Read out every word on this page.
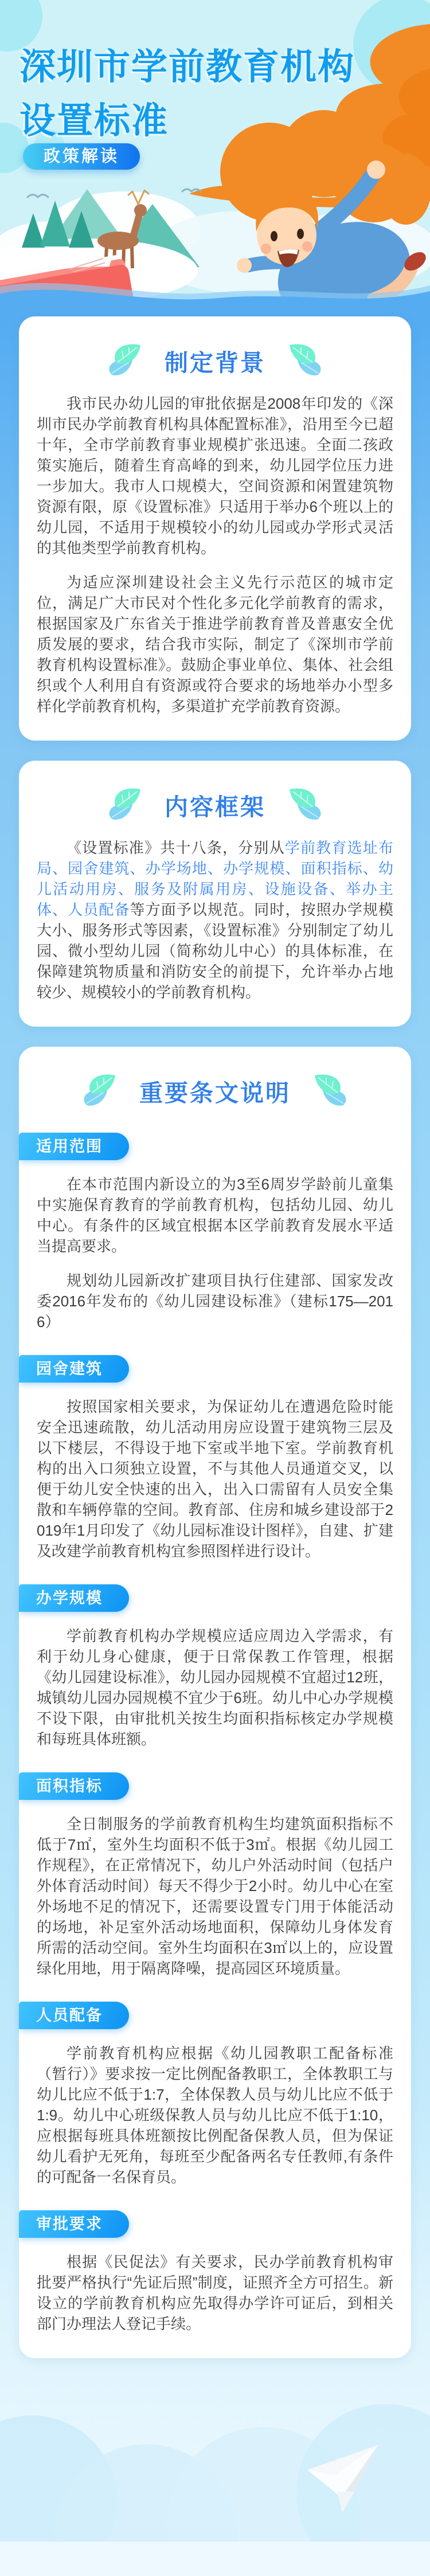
深圳市学前教育机构
设置标准
政策解读
制定背景

我市民办幼儿园的审批依据是2008年印发的《深圳市民办学前教育机构具体配置标准》，沿用至今已超十年，全市学前教育事业规模扩张迅速。全面二孩政策实施后，随着生育高峰的到来，幼儿园学位压力进一步加大。我市人口规模大，空间资源和闲置建筑物资源有限，原《设置标准》只适用于举办6个班以上的幼儿园，不适用于规模较小的幼儿园或办学形式灵活的其他类型学前教育机构。

为适应深圳建设社会主义先行示范区的城市定位，满足广大市民对个性化多元化学前教育的需求，根据国家及广东省关于推进学前教育普及普惠安全优质发展的要求，结合我市实际，制定了《深圳市学前教育机构设置标准》。鼓励企事业单位、集体、社会组织或个人利用自有资源或符合要求的场地举办小型多样化学前教育机构，多渠道扩充学前教育资源。

内容框架

《设置标准》共十八条，分别从学前教育选址布局、园舍建筑、办学场地、办学规模、面积指标、幼儿活动用房、服务及附属用房、设施设备、举办主体、人员配备等方面予以规范。同时，按照办学规模大小、服务形式等因素，《设置标准》分别制定了幼儿园、微小型幼儿园（简称幼儿中心）的具体标准，在保障建筑物质量和消防安全的前提下，允许举办占地较少、规模较小的学前教育机构。

重要条文说明
适用范围

在本市范围内新设立的为3至6周岁学龄前儿童集中实施保育教育的学前教育机构，包括幼儿园、幼儿中心。有条件的区域宜根据本区学前教育发展水平适当提高要求。

规划幼儿园新改扩建项目执行住建部、国家发改委2016年发布的《幼儿园建设标准》（建标175—2016）

园舍建筑

按照国家相关要求，为保证幼儿在遭遇危险时能安全迅速疏散，幼儿活动用房应设置于建筑物三层及以下楼层，不得设于地下室或半地下室。学前教育机构的出入口须独立设置，不与其他人员通道交叉，以便于幼儿安全快速的出入，出入口需留有人员安全集散和车辆停靠的空间。教育部、住房和城乡建设部于2019年1月印发了《幼儿园标准设计图样》，自建、扩建及改建学前教育机构宜参照图样进行设计。

办学规模

学前教育机构办学规模应适应周边入学需求，有利于幼儿身心健康，便于日常保教工作管理，根据《幼儿园建设标准》，幼儿园办园规模不宜超过12班，城镇幼儿园办园规模不宜少于6班。幼儿中心办学规模不设下限，由审批机关按生均面积指标核定办学规模和每班具体班额。

面积指标

全日制服务的学前教育机构生均建筑面积指标不低于7㎡，室外生均面积不低于3㎡。根据《幼儿园工作规程》，在正常情况下，幼儿户外活动时间（包括户外体育活动时间）每天不得少于2小时。幼儿中心在室外场地不足的情况下，还需要设置专门用于体能活动的场地，补足室外活动场地面积，保障幼儿身体发育所需的活动空间。室外生均面积在3㎡以上的，应设置绿化用地，用于隔离降噪，提高园区环境质量。

人员配备

学前教育机构应根据《幼儿园教职工配备标准（暂行）》要求按一定比例配备教职工，全体教职工与幼儿比应不低于1:7，全体保教人员与幼儿比应不低于1:9。幼儿中心班级保教人员与幼儿比应不低于1:10，应根据每班具体班额按比例配备保教人员，但为保证幼儿看护无死角，每班至少配备两名专任教师,有条件的可配备一名保育员。

审批要求

根据《民促法》有关要求，民办学前教育机构审批要严格执行“先证后照”制度，证照齐全方可招生。新设立的学前教育机构应先取得办学许可证后，到相关部门办理法人登记手续。
